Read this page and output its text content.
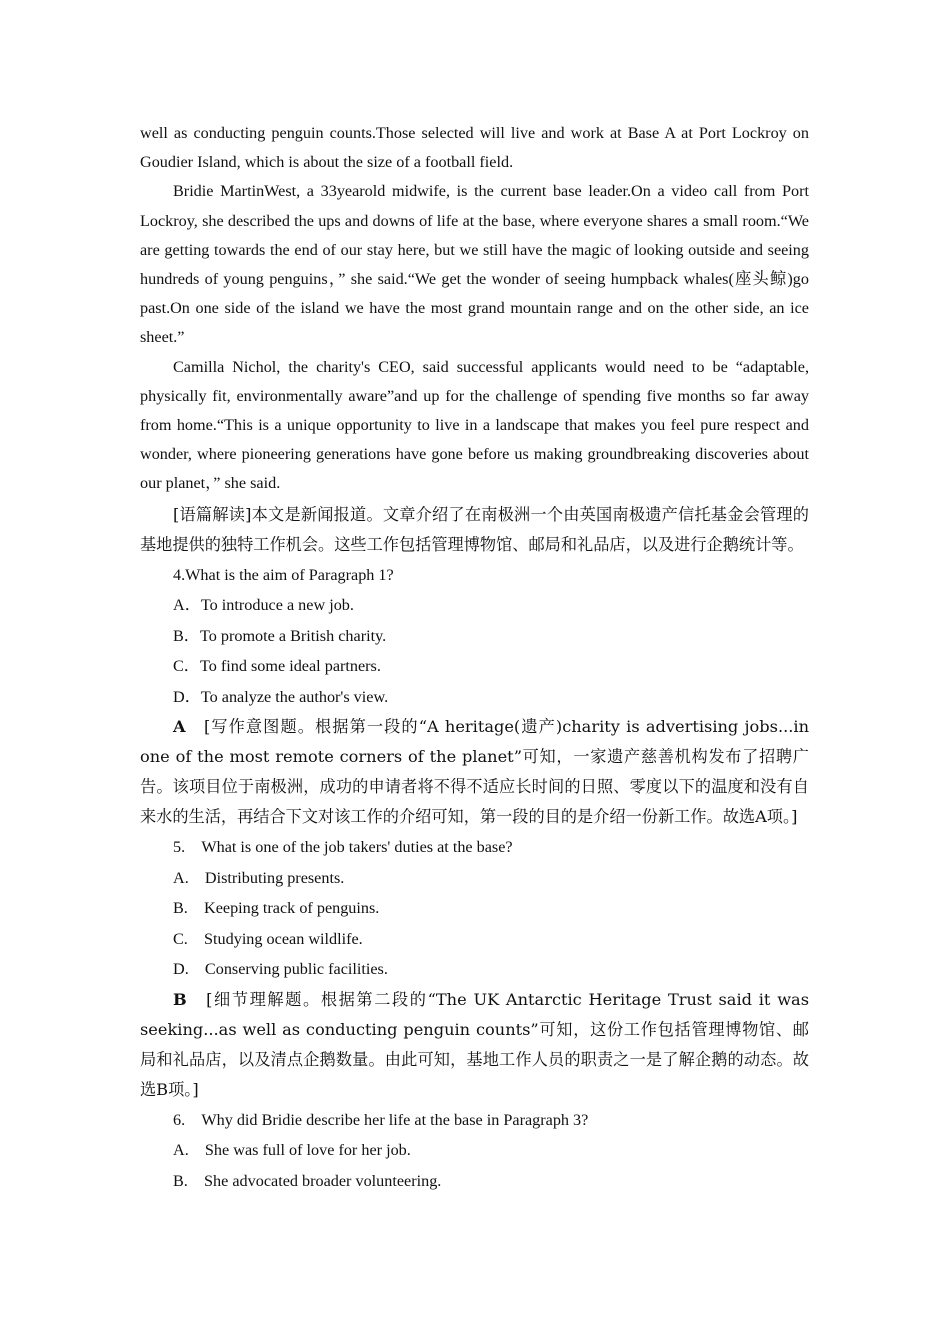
well as conducting penguin counts.Those selected will live and work at Base A at Port Lockroy on Goudier Island, which is about the size of a football field.

Bridie MartinWest, a 33yearold midwife, is the current base leader.On a video call from Port Lockroy, she described the ups and downs of life at the base, where everyone shares a small room.“We are getting towards the end of our stay here, but we still have the magic of looking outside and seeing hundreds of young penguins，” she said.“We get the wonder of seeing humpback whales(座头鲸)go past.On one side of the island we have the most grand mountain range and on the other side, an ice sheet.”

Camilla Nichol, the charity's CEO, said successful applicants would need to be “adaptable, physically fit, environmentally aware”and up for the challenge of spending five months so far away from home.“This is a unique opportunity to live in a landscape that makes you feel pure respect and wonder, where pioneering generations have gone before us making groundbreaking discoveries about our planet，” she said.

[语篇解读]本文是新闻报道。文章介绍了在南极洲一个由英国南极遗产信托基金会管理的基地提供的独特工作机会。这些工作包括管理博物馆、邮局和礼品店，以及进行企鹅统计等。

4.What is the aim of Paragraph 1?

A．To introduce a new job.

B．To promote a British charity.

C．To find some ideal partners.

D．To analyze the author's view.

A　 [写作意图题。根据第一段的“A heritage(遗产)charity is advertising jobs...in one of the most remote corners of the planet”可知，一家遗产慈善机构发布了招聘广告。该项目位于南极洲，成功的申请者将不得不适应长时间的日照、零度以下的温度和没有自来水的生活，再结合下文对该工作的介绍可知，第一段的目的是介绍一份新工作。故选A项。]

5.　What is one of the job takers' duties at the base?

A.　Distributing presents.

B.　Keeping track of penguins.

C.　Studying ocean wildlife.

D.　Conserving public facilities.

B　 [细节理解题。根据第二段的“The UK Antarctic Heritage Trust said it was seeking...as well as conducting penguin counts”可知，这份工作包括管理博物馆、邮局和礼品店，以及清点企鹅数量。由此可知，基地工作人员的职责之一是了解企鹅的动态。故选B项。]

6.　Why did Bridie describe her life at the base in Paragraph 3?

A.　She was full of love for her job.

B.　She advocated broader volunteering.
